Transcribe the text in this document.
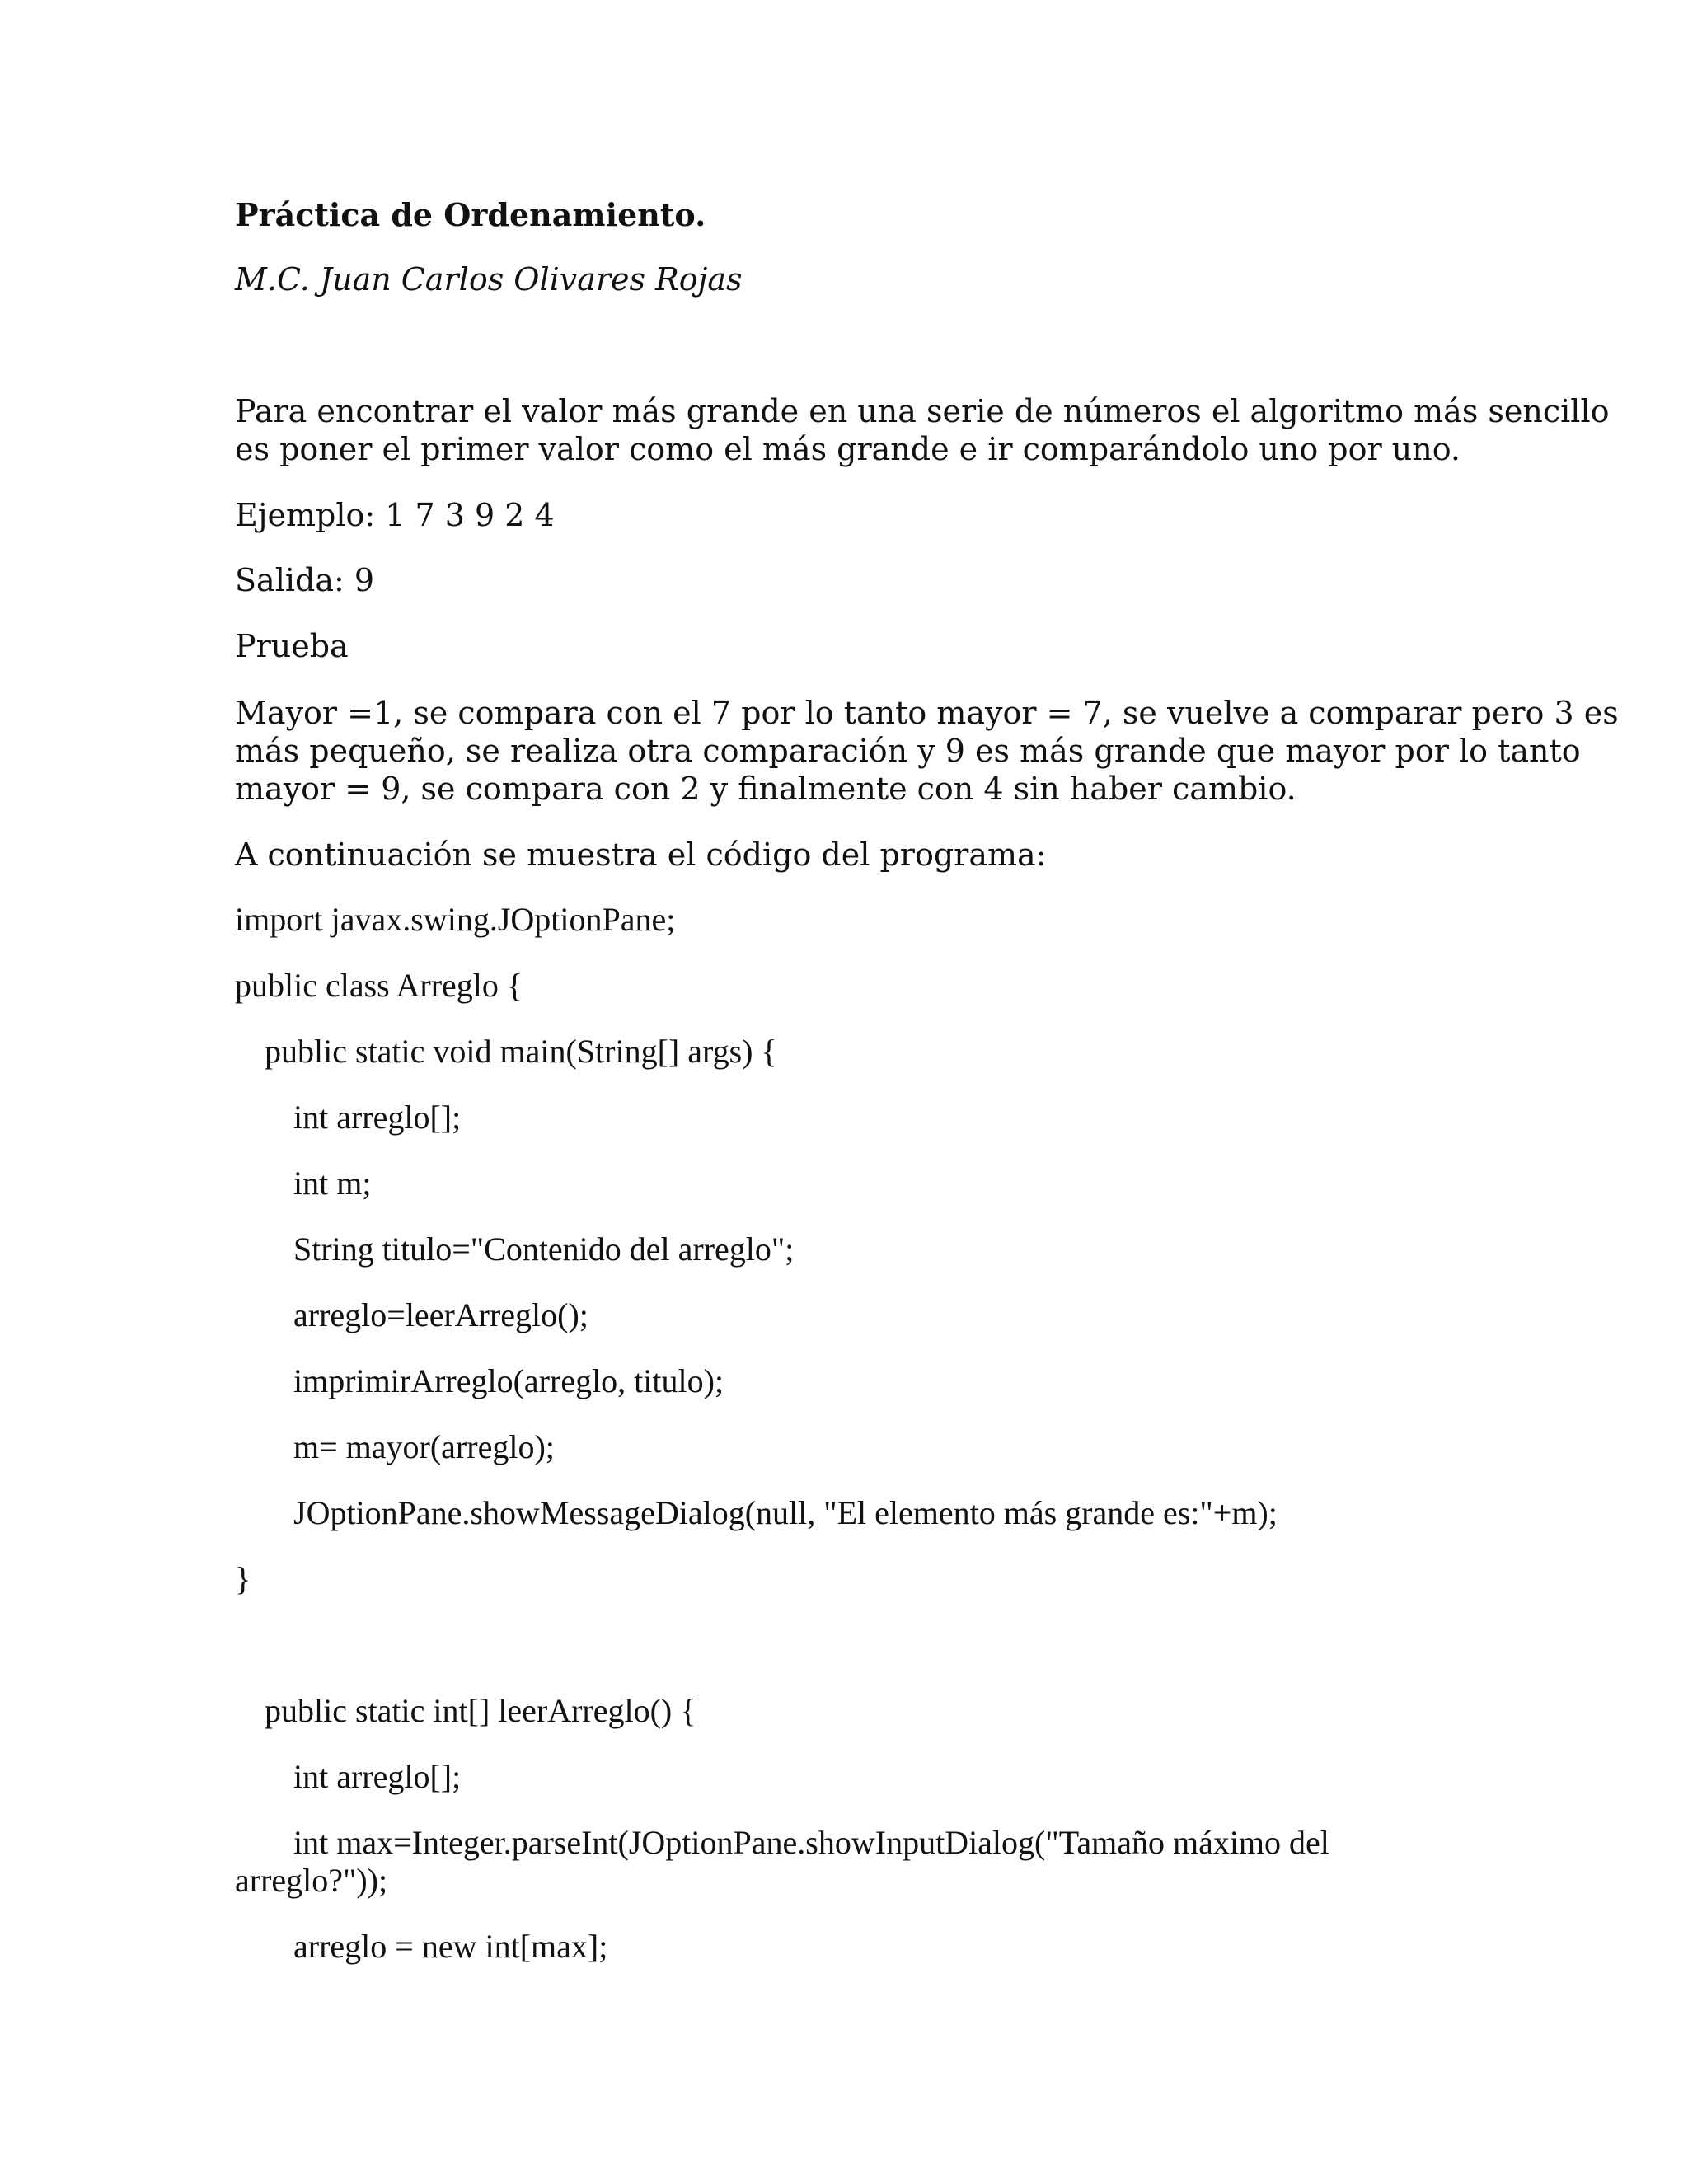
Práctica de Ordenamiento.
M.C. Juan Carlos Olivares Rojas
Para encontrar el valor más grande en una serie de números el algoritmo más sencillo
es poner el primer valor como el más grande e ir comparándolo uno por uno.
Ejemplo: 1 7 3 9 2 4
Salida: 9
Prueba
Mayor =1, se compara con el 7 por lo tanto mayor = 7, se vuelve a comparar pero 3 es
más pequeño, se realiza otra comparación y 9 es más grande que mayor por lo tanto
mayor = 9, se compara con 2 y finalmente con 4 sin haber cambio.
A continuación se muestra el código del programa:
import javax.swing.JOptionPane;
public class Arreglo {
public static void main(String[] args) {
int arreglo[];
int m;
String titulo="Contenido del arreglo";
arreglo=leerArreglo();
imprimirArreglo(arreglo, titulo);
m= mayor(arreglo);
JOptionPane.showMessageDialog(null, "El elemento más grande es:"+m);
}
public static int[] leerArreglo() {
int arreglo[];
int max=Integer.parseInt(JOptionPane.showInputDialog("Tamaño máximo del
arreglo?"));
arreglo = new int[max];
